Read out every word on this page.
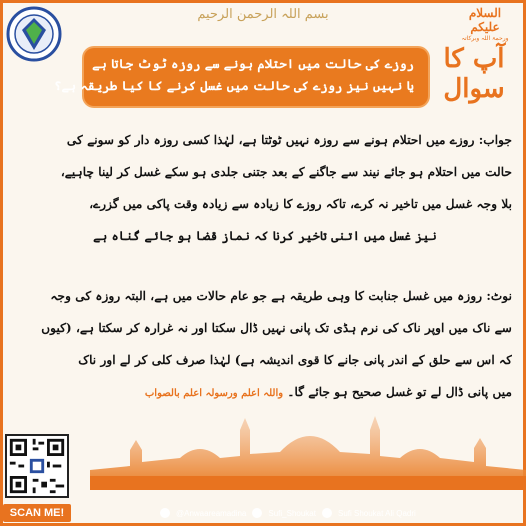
بسم اللہ الرحمن الرحیم	السلام
علیکم
ورحمۃ اللہ وبرکاتہ
روزے کی حالت میں احتلام ہونے سے روزہ ٹوٹ جاتا ہے
یا نہیں نیز روزے کی حالت میں غسل کرنے کا کیا طریقہ ہے؟
آپ کا
سوال
جواب: روزے میں احتلام ہونے سے روزہ نہیں ٹوٹتا ہے، لہٰذا کسی روزہ دار کو سونے کی
حالت میں احتلام ہو جائے نیند سے جاگنے کے بعد جتنی جلدی ہو سکے غسل کر لینا چاہیے،
بلا وجہ غسل میں تاخیر نہ کرے، تاکہ روزے کا زیادہ سے زیادہ وقت پاکی میں گزرے،
نیز غسل میں اتنی تاخیر کرنا کہ نماز قضا ہو جائے گناہ ہے
نوٹ: روزہ میں غسل جنابت کا وہی طریقہ ہے جو عام حالات میں ہے، البتہ روزہ کی وجہ
سے ناک میں اوپر ناک کی نرم ہڈی تک پانی نہیں ڈال سکتا اور نہ غرارہ کر سکتا ہے، (کیوں
کہ اس سے حلق کے اندر پانی جانے کا قوی اندیشہ ہے) لہٰذا صرف کلی کر لے اور ناک
میں پانی ڈال لے تو غسل صحیح ہو جائے گا۔ واللہ اعلم ورسولہ اعلم بالصواب
SCAN ME!	@Anwaareamadina	Sufi_Shoukat	Sufi Shoukat Ali Qadri
